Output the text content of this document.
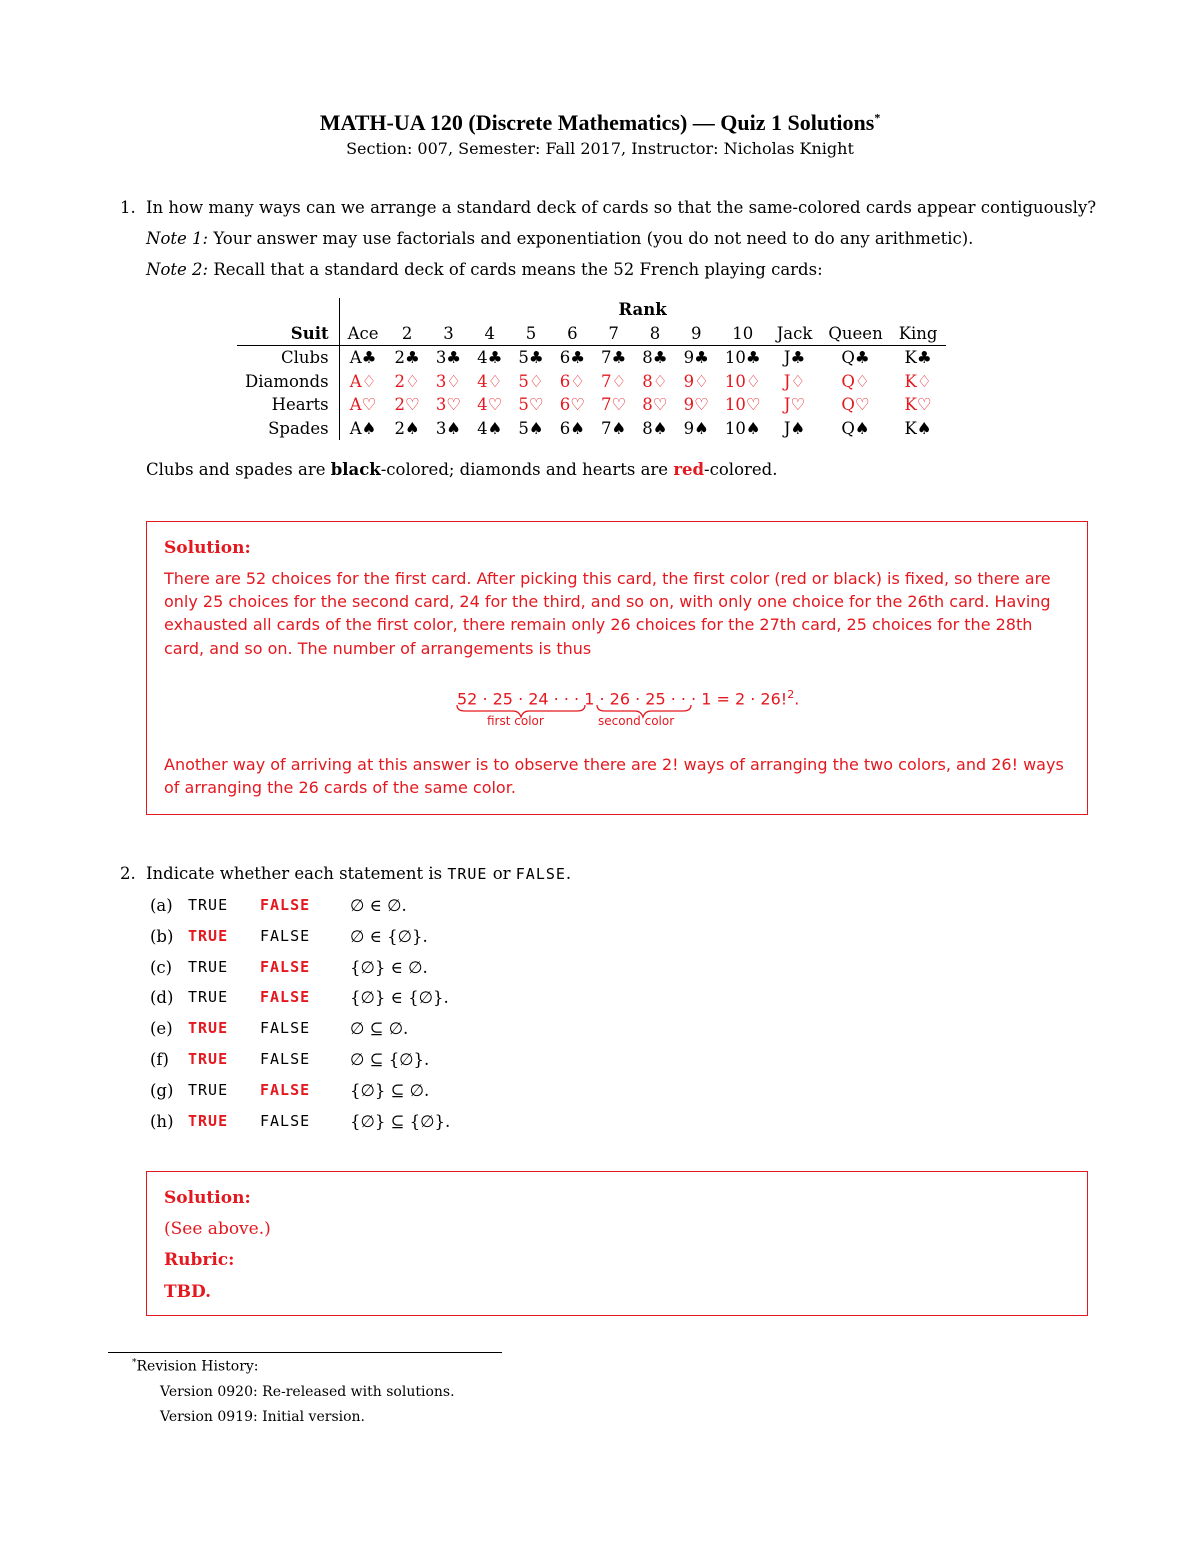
MATH-UA 120 (Discrete Mathematics) — Quiz 1 Solutions*
Section: 007, Semester: Fall 2017, Instructor: Nicholas Knight
1. In how many ways can we arrange a standard deck of cards so that the same-colored cards appear contiguously?
Note 1: Your answer may use factorials and exponentiation (you do not need to do any arithmetic).
Note 2: Recall that a standard deck of cards means the 52 French playing cards:
	Rank												
Suit	Ace	2	3	4	5	6	7	8	9	10	Jack	Queen	King
Clubs	A♣	2♣	3♣	4♣	5♣	6♣	7♣	8♣	9♣	10♣	J♣	Q♣	K♣
Diamonds	A♢	2♢	3♢	4♢	5♢	6♢	7♢	8♢	9♢	10♢	J♢	Q♢	K♢
Hearts	A♡	2♡	3♡	4♡	5♡	6♡	7♡	8♡	9♡	10♡	J♡	Q♡	K♡
Spades	A♠	2♠	3♠	4♠	5♠	6♠	7♠	8♠	9♠	10♠	J♠	Q♠	K♠
Clubs and spades are black-colored; diamonds and hearts are red-colored.
Solution:
There are 52 choices for the first card. After picking this card, the first color (red or black) is fixed, so there are only 25 choices for the second card, 24 for the third, and so on, with only one choice for the 26th card. Having exhausted all cards of the first color, there remain only 26 choices for the 27th card, 25 choices for the 28th card, and so on. The number of arrangements is thus
52 · 25 · 24 · · · 1 · 26 · 25 · · · 1 = 2 · 26!$^2$.
first color	second color
Another way of arriving at this answer is to observe there are 2! ways of arranging the two colors, and 26! ways of arranging the 26 cards of the same color.
2. Indicate whether each statement is TRUE or FALSE.
(a) TRUE FALSE ∅ ∈ ∅.
(b) TRUE FALSE ∅ ∈ {∅}.
(c) TRUE FALSE {∅} ∈ ∅.
(d) TRUE FALSE {∅} ∈ {∅}.
(e) TRUE FALSE ∅ ⊆ ∅.
(f) TRUE FALSE ∅ ⊆ {∅}.
(g) TRUE FALSE {∅} ⊆ ∅.
(h) TRUE FALSE {∅} ⊆ {∅}.
Solution:
(See above.)
Rubric:
TBD.
*Revision History:
Version 0920: Re-released with solutions.
Version 0919: Initial version.
